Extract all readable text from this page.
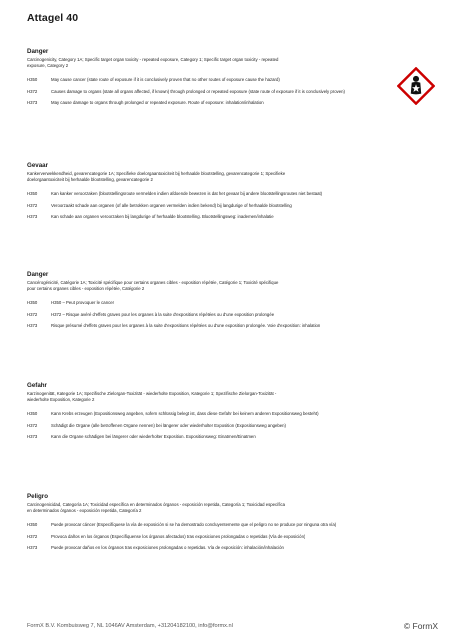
Attagel 40
Danger
Carcinogenicity, Category 1A; Specific target organ toxicity - repeated exposure, Category 1; Specific target organ toxicity - repeated
exposure, Category 2
H350	May cause cancer (state route of exposure if it is conclusively proven that no other routes of exposure cause the hazard)
H372	Causes damage to organs (state all organs affected, if known) through prolonged or repeated exposure (state route of exposure if it is conclusively proven)
H373	May cause damage to organs through prolonged or repeated exposure. Route of exposure: inhalation/inhalation
Gevaar
Kankerverwekkendheid, gevarencategorie 1A; Specifieke doelorgaantoxiciteit bij herhaalde blootstelling, gevarencategorie 1; Specifieke
doelorgaantoxiciteit bij herhaalde blootstelling, gevarencategorie 2
H350	Kan kanker veroorzaken (blootstellingsroute vermelden indien afdoende bewezen is dat het gevaar bij andere blootstellingsroutes niet bestaat)
H372	Veroorzaakt schade aan organen (of alle betrokken organen vermelden indien bekend) bij langdurige of herhaalde blootstelling
H373	Kan schade aan organen veroorzaken bij langdurige of herhaalde blootstelling. Blootstellingsweg: inademen/inhalatie
Danger
Cancérogénicité, Catégorie 1A; Toxicité spécifique pour certains organes cibles - exposition répétée, Catégorie 1; Toxicité spécifique
pour certains organes cibles - exposition répétée, Catégorie 2
H350	H350 – Peut provoquer le cancer
H372	H372 – Risque avéré d'effets graves pour les organes à la suite d'expositions répétées ou d'une exposition prolongée
H373	Risque présumé d'effets graves pour les organes à la suite d'expositions répétées ou d'une exposition prolongée. Voie d'exposition: inhalation
Gefahr
Karzinogenität, Kategorie 1A; Spezifische Zielorgan-Toxizität - wiederholte Exposition, Kategorie 1; Spezifische Zielorgan-Toxizität -
wiederholte Exposition, Kategorie 2
H350	Kann Krebs erzeugen (Expositionsweg angeben, sofern schlüssig belegt ist, dass diese Gefahr bei keinem anderen Expositionsweg besteht)
H372	Schädigt die Organe (alle betroffenen Organe nennen) bei längerer oder wiederholter Exposition (Expositionsweg angeben)
H373	Kann die Organe schädigen bei längerer oder wiederholter Exposition. Expositionsweg: Einatmen/Einatmen
Peligro
Carcinogenicidad, Categoría 1A; Toxicidad específica en determinados órganos - exposición repetida, Categoría 1; Toxicidad específica
en determinados órganos - exposición repetida, Categoría 2
H350	Puede provocar cáncer (Especifíquese la vía de exposición si se ha demostrado concluyentemente que el peligro no se produce por ninguna otra vía)
H372	Provoca daños en los órganos (Especifíquense los órganos afectados) tras exposiciones prolongadas o repetidas (Vía de exposición)
H373	Puede provocar daños en los órganos tras exposiciones prolongadas o repetidas. Vía de exposición: inhalación/inhalación
FormX B.V. Kombuisweg 7, NL 1046AV Amsterdam, +31204182100, info@formx.nl	© FormX
